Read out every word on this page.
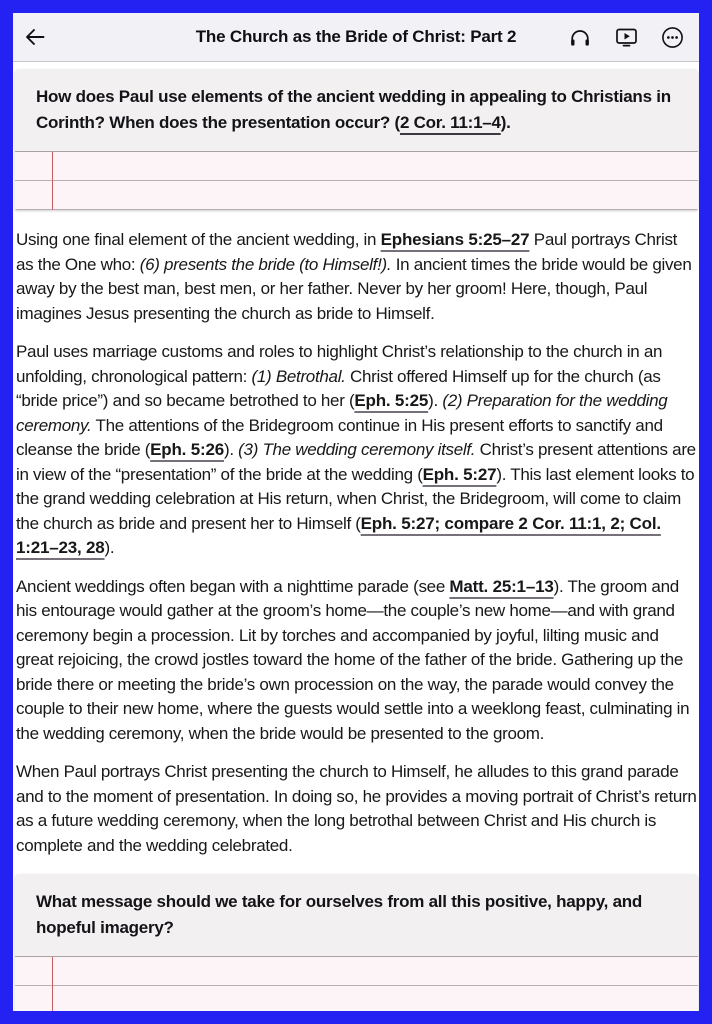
The Church as the Bride of Christ: Part 2
How does Paul use elements of the ancient wedding in appealing to Christians in Corinth? When does the presentation occur? (2 Cor. 11:1–4).

Using one final element of the ancient wedding, in Ephesians 5:25–27 Paul portrays Christ as the One who: (6) presents the bride (to Himself!). In ancient times the bride would be given away by the best man, best men, or her father. Never by her groom! Here, though, Paul imagines Jesus presenting the church as bride to Himself.

Paul uses marriage customs and roles to highlight Christ’s relationship to the church in an unfolding, chronological pattern: (1) Betrothal. Christ offered Himself up for the church (as “bride price”) and so became betrothed to her (Eph. 5:25). (2) Preparation for the wedding ceremony. The attentions of the Bridegroom continue in His present efforts to sanctify and cleanse the bride (Eph. 5:26). (3) The wedding ceremony itself. Christ’s present attentions are in view of the “presentation” of the bride at the wedding (Eph. 5:27). This last element looks to the grand wedding celebration at His return, when Christ, the Bridegroom, will come to claim the church as bride and present her to Himself (Eph. 5:27; compare 2 Cor. 11:1, 2; Col. 1:21–23, 28).

Ancient weddings often began with a nighttime parade (see Matt. 25:1–13). The groom and his entourage would gather at the groom’s home—the couple’s new home—and with grand ceremony begin a procession. Lit by torches and accompanied by joyful, lilting music and great rejoicing, the crowd jostles toward the home of the father of the bride. Gathering up the bride there or meeting the bride’s own procession on the way, the parade would convey the couple to their new home, where the guests would settle into a weeklong feast, culminating in the wedding ceremony, when the bride would be presented to the groom.

When Paul portrays Christ presenting the church to Himself, he alludes to this grand parade and to the moment of presentation. In doing so, he provides a moving portrait of Christ’s return as a future wedding ceremony, when the long betrothal between Christ and His church is complete and the wedding celebrated.

What message should we take for ourselves from all this positive, happy, and hopeful imagery?
